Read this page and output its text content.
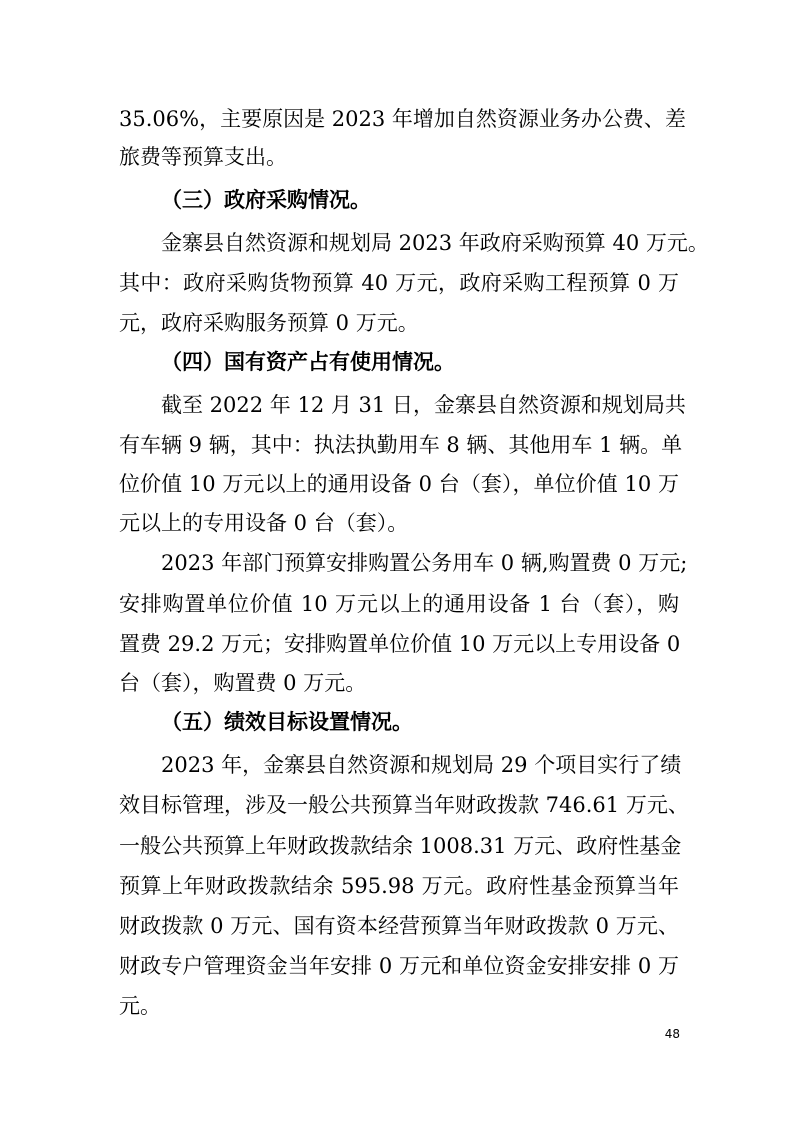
35.06%，主要原因是 2023 年增加自然资源业务办公费、差
旅费等预算支出。
（三）政府采购情况。
金寨县自然资源和规划局 2023 年政府采购预算 40 万元。
其中：政府采购货物预算 40 万元，政府采购工程预算 0 万
元，政府采购服务预算 0 万元。
（四）国有资产占有使用情况。
截至 2022 年 12 月 31 日，金寨县自然资源和规划局共
有车辆 9 辆，其中：执法执勤用车 8 辆、其他用车 1 辆。单
位价值 10 万元以上的通用设备 0 台（套），单位价值 10 万
元以上的专用设备 0 台（套）。
2023 年部门预算安排购置公务用车 0 辆,购置费 0 万元;
安排购置单位价值 10 万元以上的通用设备 1 台（套），购
置费 29.2 万元；安排购置单位价值 10 万元以上专用设备 0
台（套），购置费 0 万元。
（五）绩效目标设置情况。
2023 年，金寨县自然资源和规划局 29 个项目实行了绩
效目标管理，涉及一般公共预算当年财政拨款 746.61 万元、
一般公共预算上年财政拨款结余 1008.31 万元、政府性基金
预算上年财政拨款结余 595.98 万元。政府性基金预算当年
财政拨款 0 万元、国有资本经营预算当年财政拨款 0 万元、
财政专户管理资金当年安排 0 万元和单位资金安排安排 0 万
元。
48
